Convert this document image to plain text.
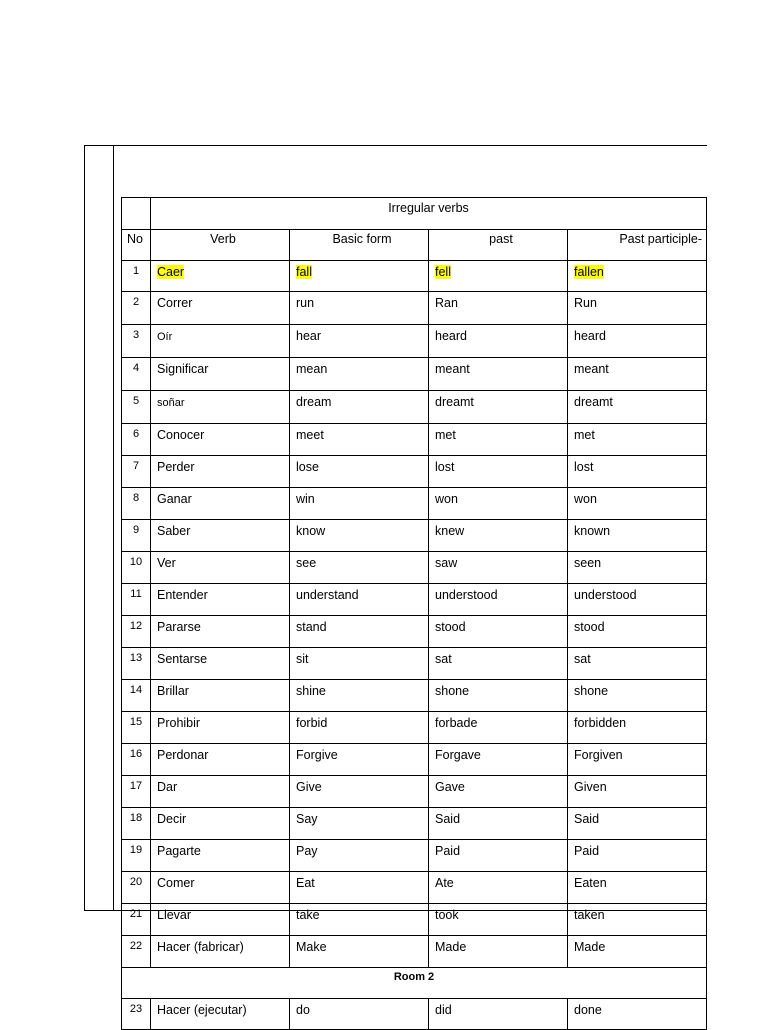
	Irregular verbs			
No	Verb	Basic form	past	Past participle-
1	Caer	fall	fell	fallen
2	Correr	run	Ran	Run
3	Oír	hear	heard	heard
4	Significar	mean	meant	meant
5	soñar	dream	dreamt	dreamt
6	Conocer	meet	met	met
7	Perder	lose	lost	lost
8	Ganar	win	won	won
9	Saber	know	knew	known
10	Ver	see	saw	seen
11	Entender	understand	understood	understood
12	Pararse	stand	stood	stood
13	Sentarse	sit	sat	sat
14	Brillar	shine	shone	shone
15	Prohibir	forbid	forbade	forbidden
16	Perdonar	Forgive	Forgave	Forgiven
17	Dar	Give	Gave	Given
18	Decir	Say	Said	Said
19	Pagarte	Pay	Paid	Paid
20	Comer	Eat	Ate	Eaten
21	Llevar	take	took	taken
22	Hacer (fabricar)	Make	Made	Made
Room 2				
23	Hacer (ejecutar)	do	did	done
